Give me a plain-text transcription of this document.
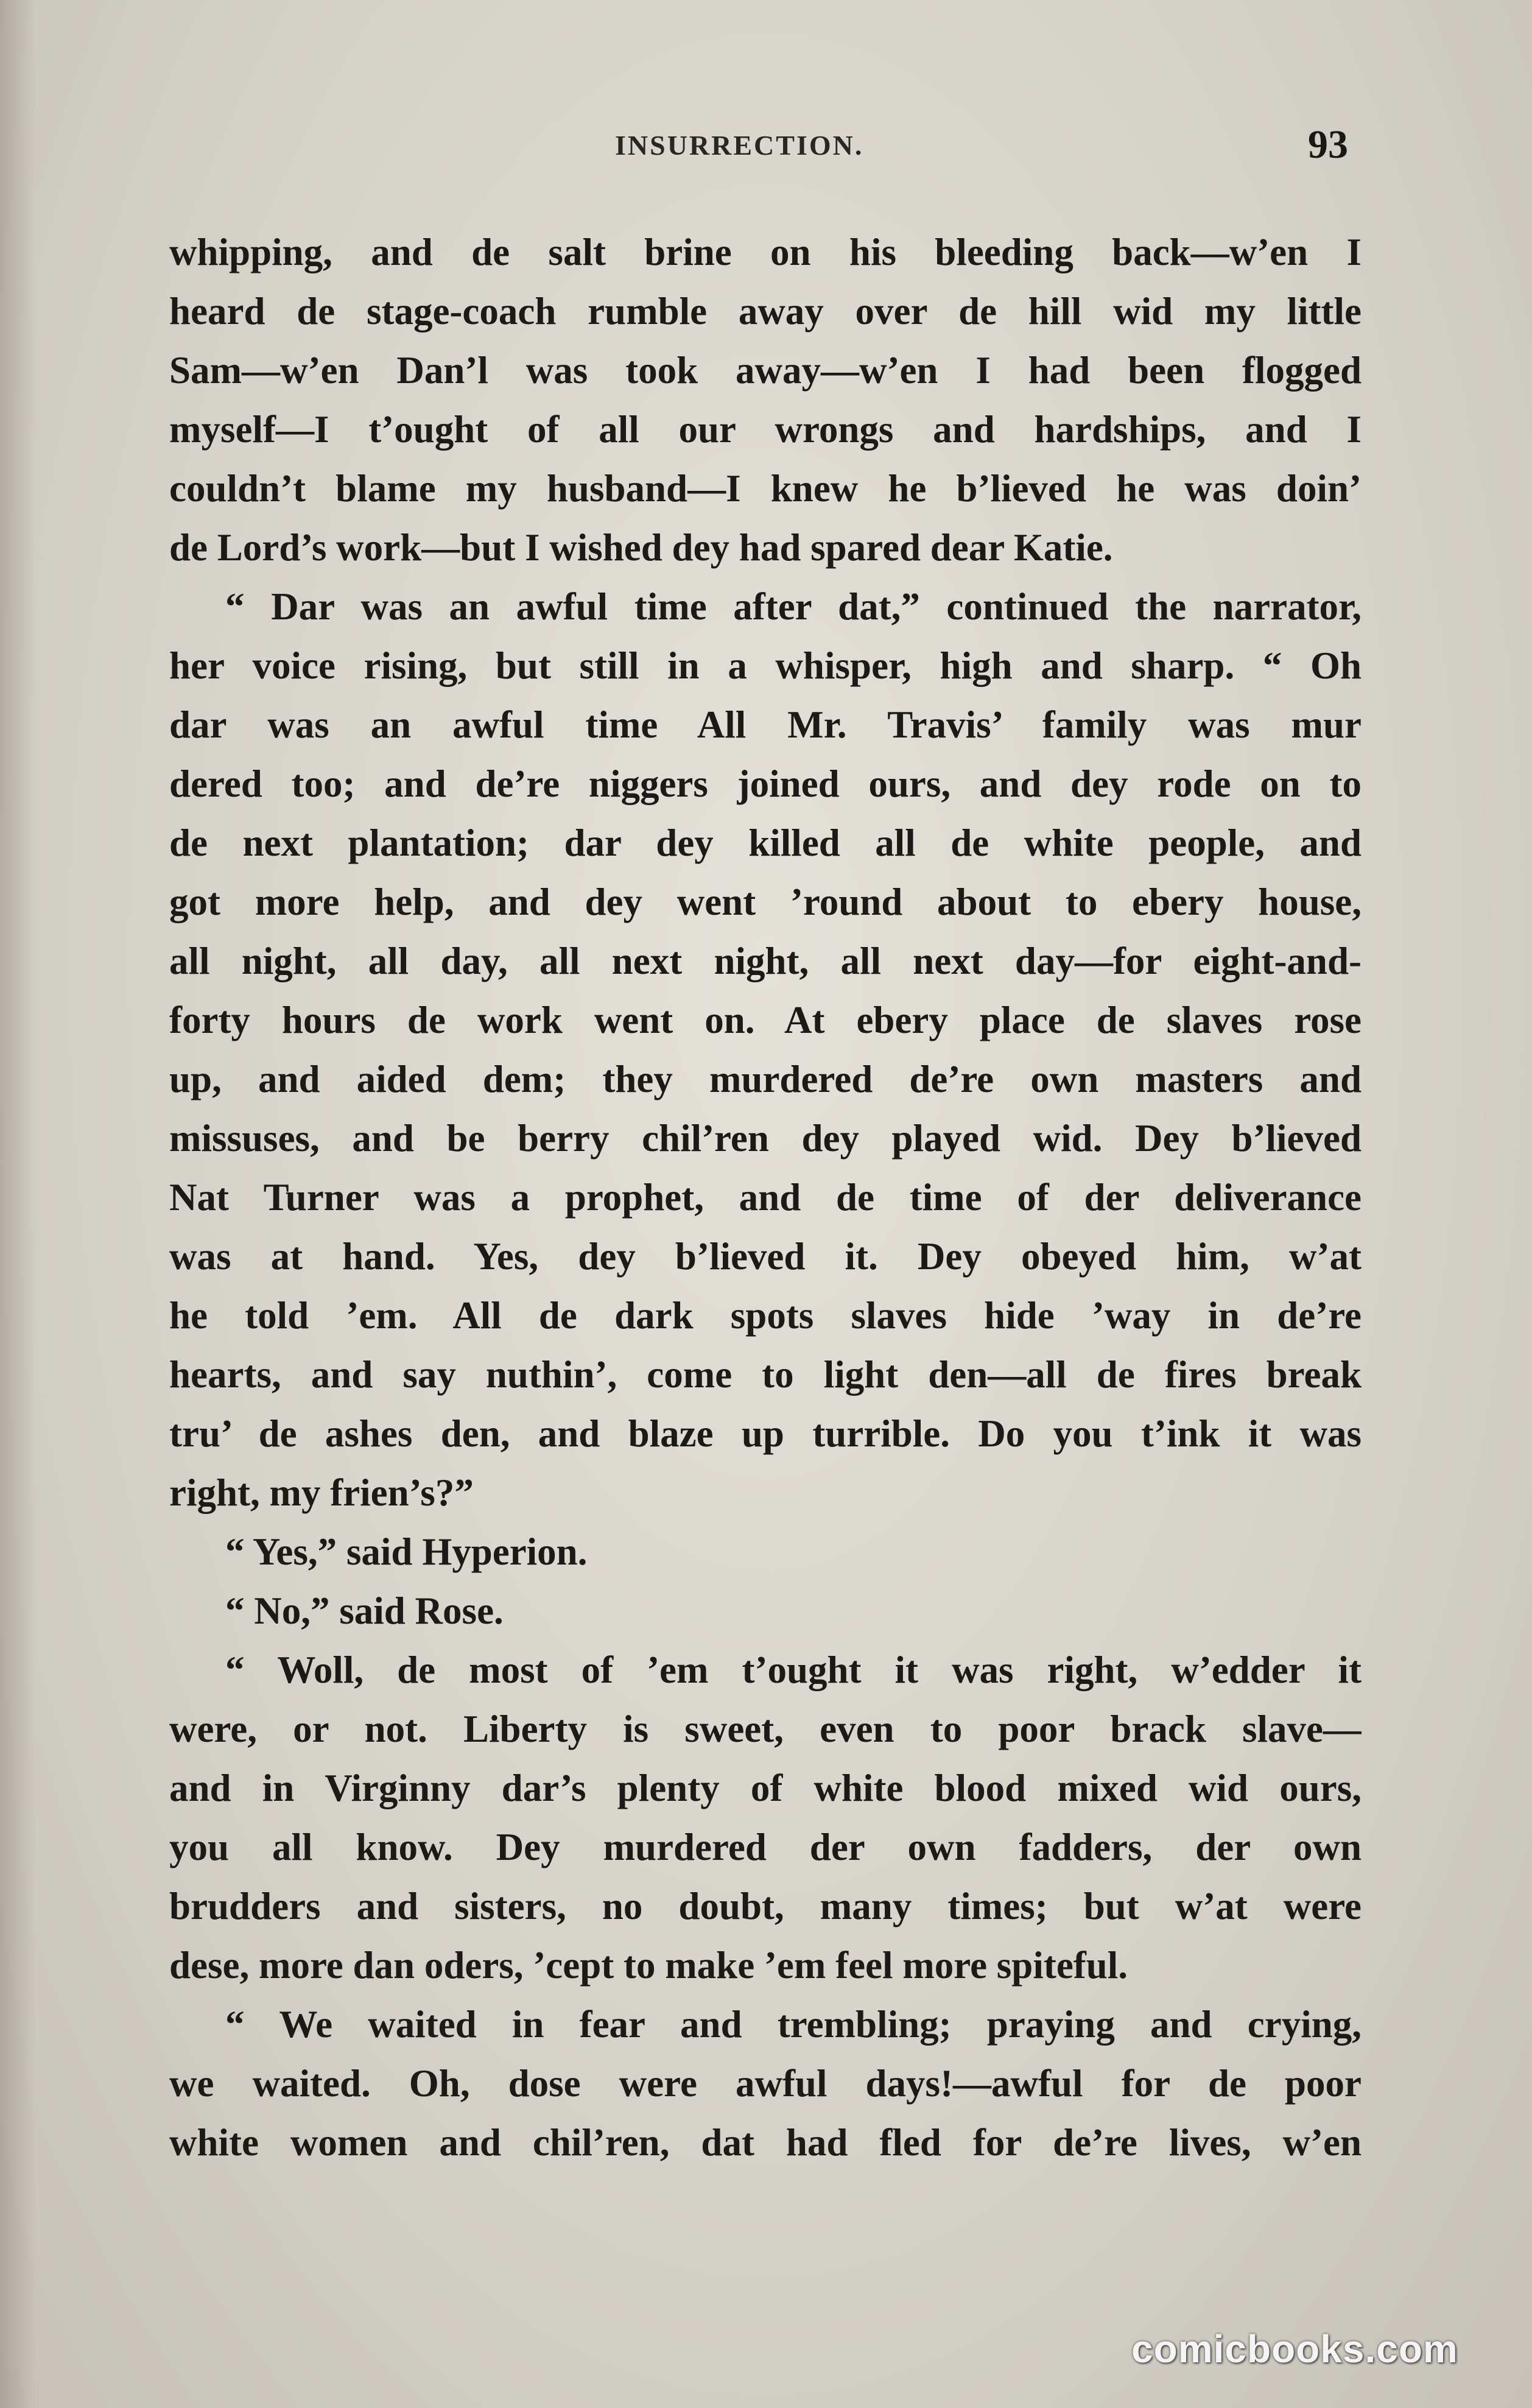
INSURRECTION.	93
whipping, and de salt brine on his bleeding back—w’en I
heard de stage-coach rumble away over de hill wid my little
Sam—w’en Dan’l was took away—w’en I had been flogged
myself—I t’ought of all our wrongs and hardships, and I
couldn’t blame my husband—I knew he b’lieved he was doin’
de Lord’s work—but I wished dey had spared dear Katie.
“ Dar was an awful time after dat,” continued the narrator,
her voice rising, but still in a whisper, high and sharp. “ Oh
dar was an awful time All Mr. Travis’ family was mur
dered too; and de’re niggers joined ours, and dey rode on to
de next plantation; dar dey killed all de white people, and
got more help, and dey went ’round about to ebery house,
all night, all day, all next night, all next day—for eight-and-
forty hours de work went on. At ebery place de slaves rose
up, and aided dem; they murdered de’re own masters and
missuses, and be berry chil’ren dey played wid. Dey b’lieved
Nat Turner was a prophet, and de time of der deliverance
was at hand. Yes, dey b’lieved it. Dey obeyed him, w’at
he told ’em. All de dark spots slaves hide ’way in de’re
hearts, and say nuthin’, come to light den—all de fires break
tru’ de ashes den, and blaze up turrible. Do you t’ink it was
right, my frien’s?”
“ Yes,” said Hyperion.
“ No,” said Rose.
“ Woll, de most of ’em t’ought it was right, w’edder it
were, or not. Liberty is sweet, even to poor brack slave—
and in Virginny dar’s plenty of white blood mixed wid ours,
you all know. Dey murdered der own fadders, der own
brudders and sisters, no doubt, many times; but w’at were
dese, more dan oders, ’cept to make ’em feel more spiteful.
“ We waited in fear and trembling; praying and crying,
we waited. Oh, dose were awful days!—awful for de poor
white women and chil’ren, dat had fled for de’re lives, w’en
comicbooks.com
